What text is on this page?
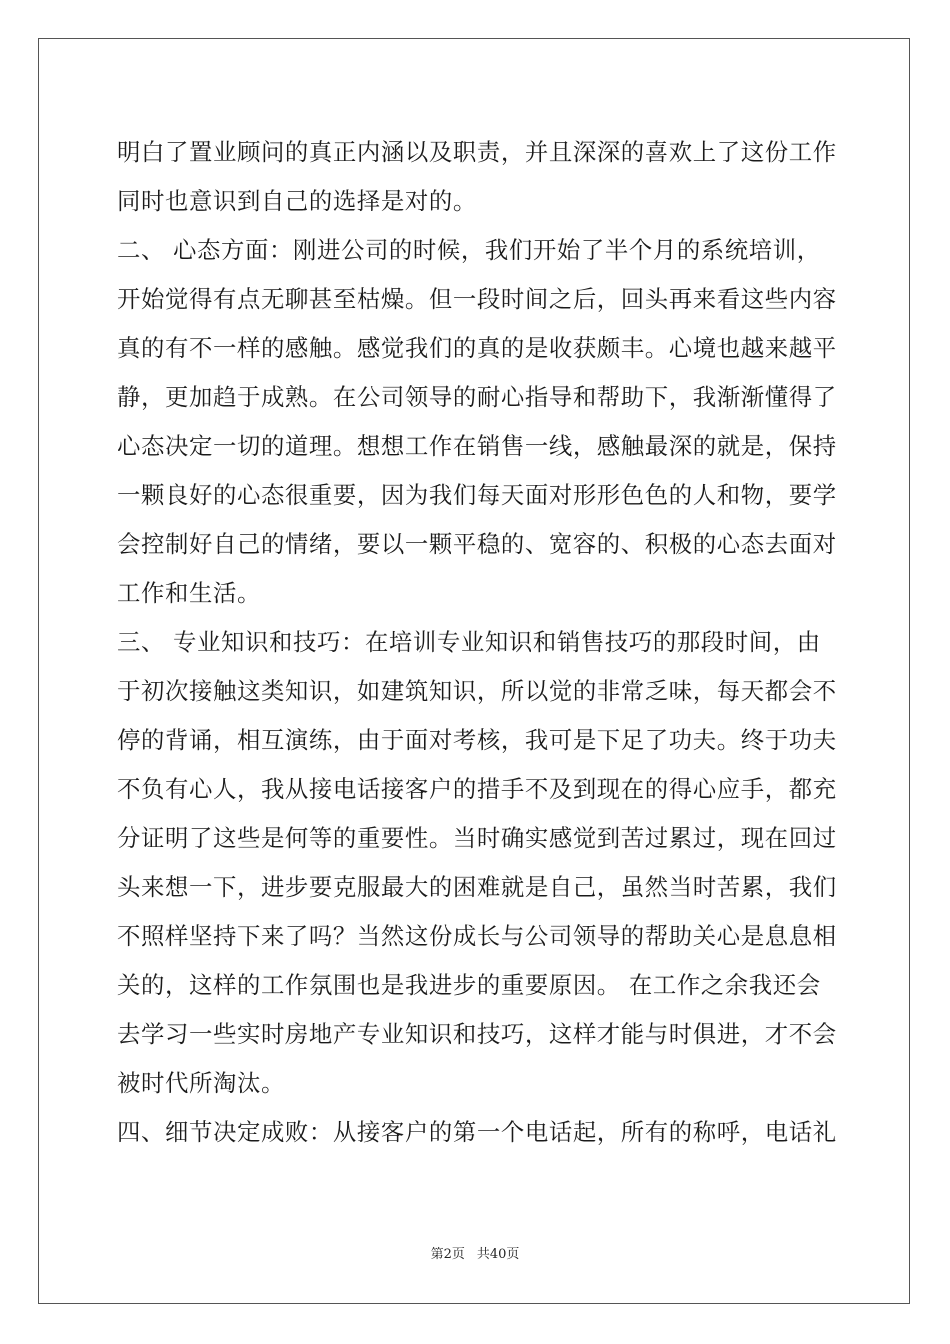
明白了置业顾问的真正内涵以及职责，并且深深的喜欢上了这份工作
同时也意识到自己的选择是对的。
二、 心态方面：刚进公司的时候，我们开始了半个月的系统培训，
开始觉得有点无聊甚至枯燥。但一段时间之后，回头再来看这些内容
真的有不一样的感触。感觉我们的真的是收获颇丰。心境也越来越平
静，更加趋于成熟。在公司领导的耐心指导和帮助下，我渐渐懂得了
心态决定一切的道理。想想工作在销售一线，感触最深的就是，保持
一颗良好的心态很重要，因为我们每天面对形形色色的人和物，要学
会控制好自己的情绪，要以一颗平稳的、宽容的、积极的心态去面对
工作和生活。
三、 专业知识和技巧：在培训专业知识和销售技巧的那段时间，由
于初次接触这类知识，如建筑知识，所以觉的非常乏味，每天都会不
停的背诵，相互演练，由于面对考核，我可是下足了功夫。终于功夫
不负有心人，我从接电话接客户的措手不及到现在的得心应手，都充
分证明了这些是何等的重要性。当时确实感觉到苦过累过，现在回过
头来想一下，进步要克服最大的困难就是自己，虽然当时苦累，我们
不照样坚持下来了吗？当然这份成长与公司领导的帮助关心是息息相
关的，这样的工作氛围也是我进步的重要原因。 在工作之余我还会
去学习一些实时房地产专业知识和技巧，这样才能与时俱进，才不会
被时代所淘汰。
四、细节决定成败：从接客户的第一个电话起，所有的称呼，电话礼
第2页 共40页
